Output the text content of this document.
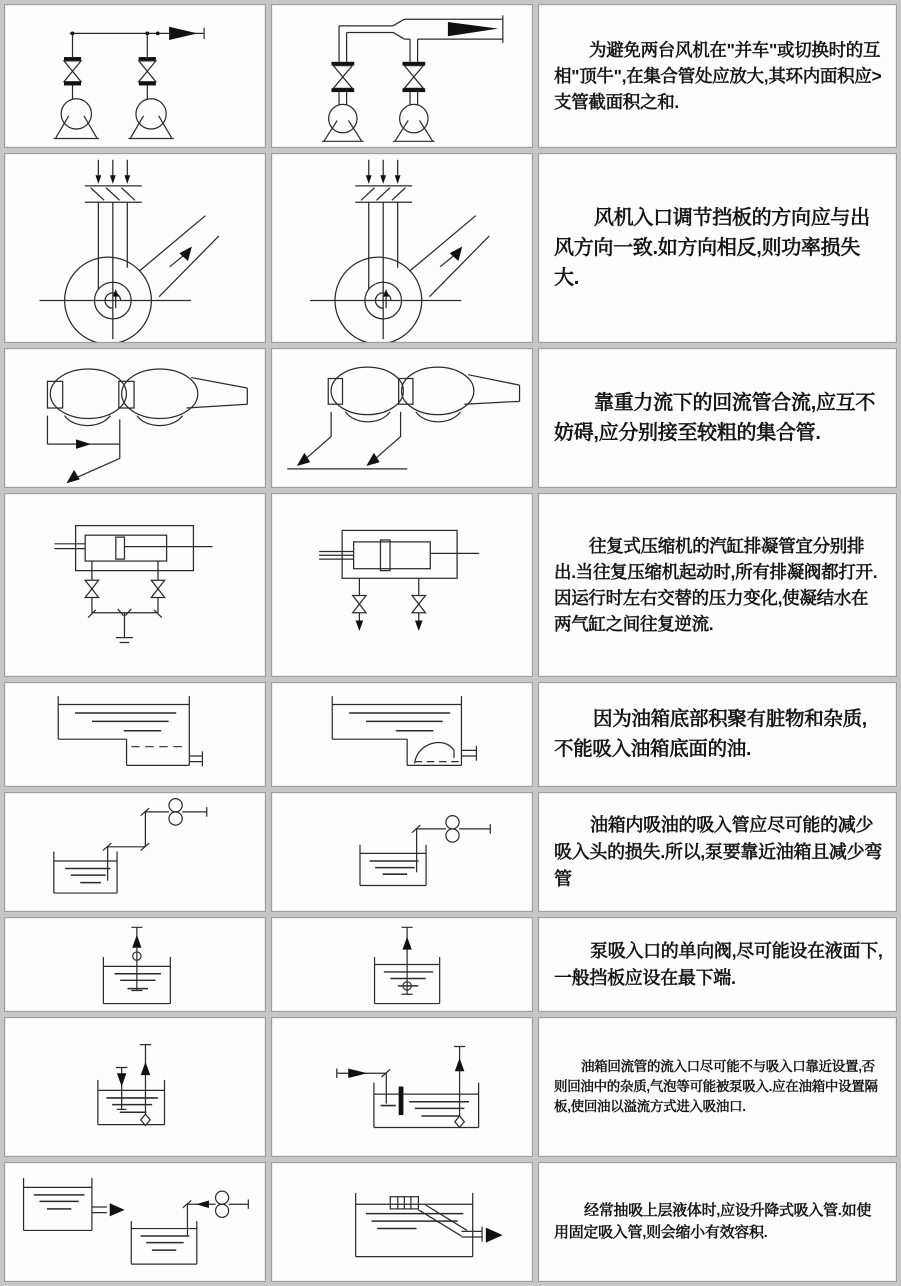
为避免两台风机在"并车"或切换时的互相"顶牛",在集合管处应放大,其环内面积应>支管截面积之和.
风机入口调节挡板的方向应与出风方向一致.如方向相反,则功率损失大.
靠重力流下的回流管合流,应互不妨碍,应分别接至较粗的集合管.
往复式压缩机的汽缸排凝管宜分别排出.当往复压缩机起动时,所有排凝阀都打开.因运行时左右交替的压力变化,使凝结水在两气缸之间往复逆流.
因为油箱底部积聚有脏物和杂质,不能吸入油箱底面的油.
油箱内吸油的吸入管应尽可能的减少吸入头的损失.所以,泵要靠近油箱且减少弯管
泵吸入口的单向阀,尽可能设在液面下,一般挡板应设在最下端.
油箱回流管的流入口尽可能不与吸入口靠近设置,否则回油中的杂质,气泡等可能被泵吸入.应在油箱中设置隔板,使回油以溢流方式进入吸油口.
经常抽吸上层液体时,应设升降式吸入管.如使用固定吸入管,则会缩小有效容积.
